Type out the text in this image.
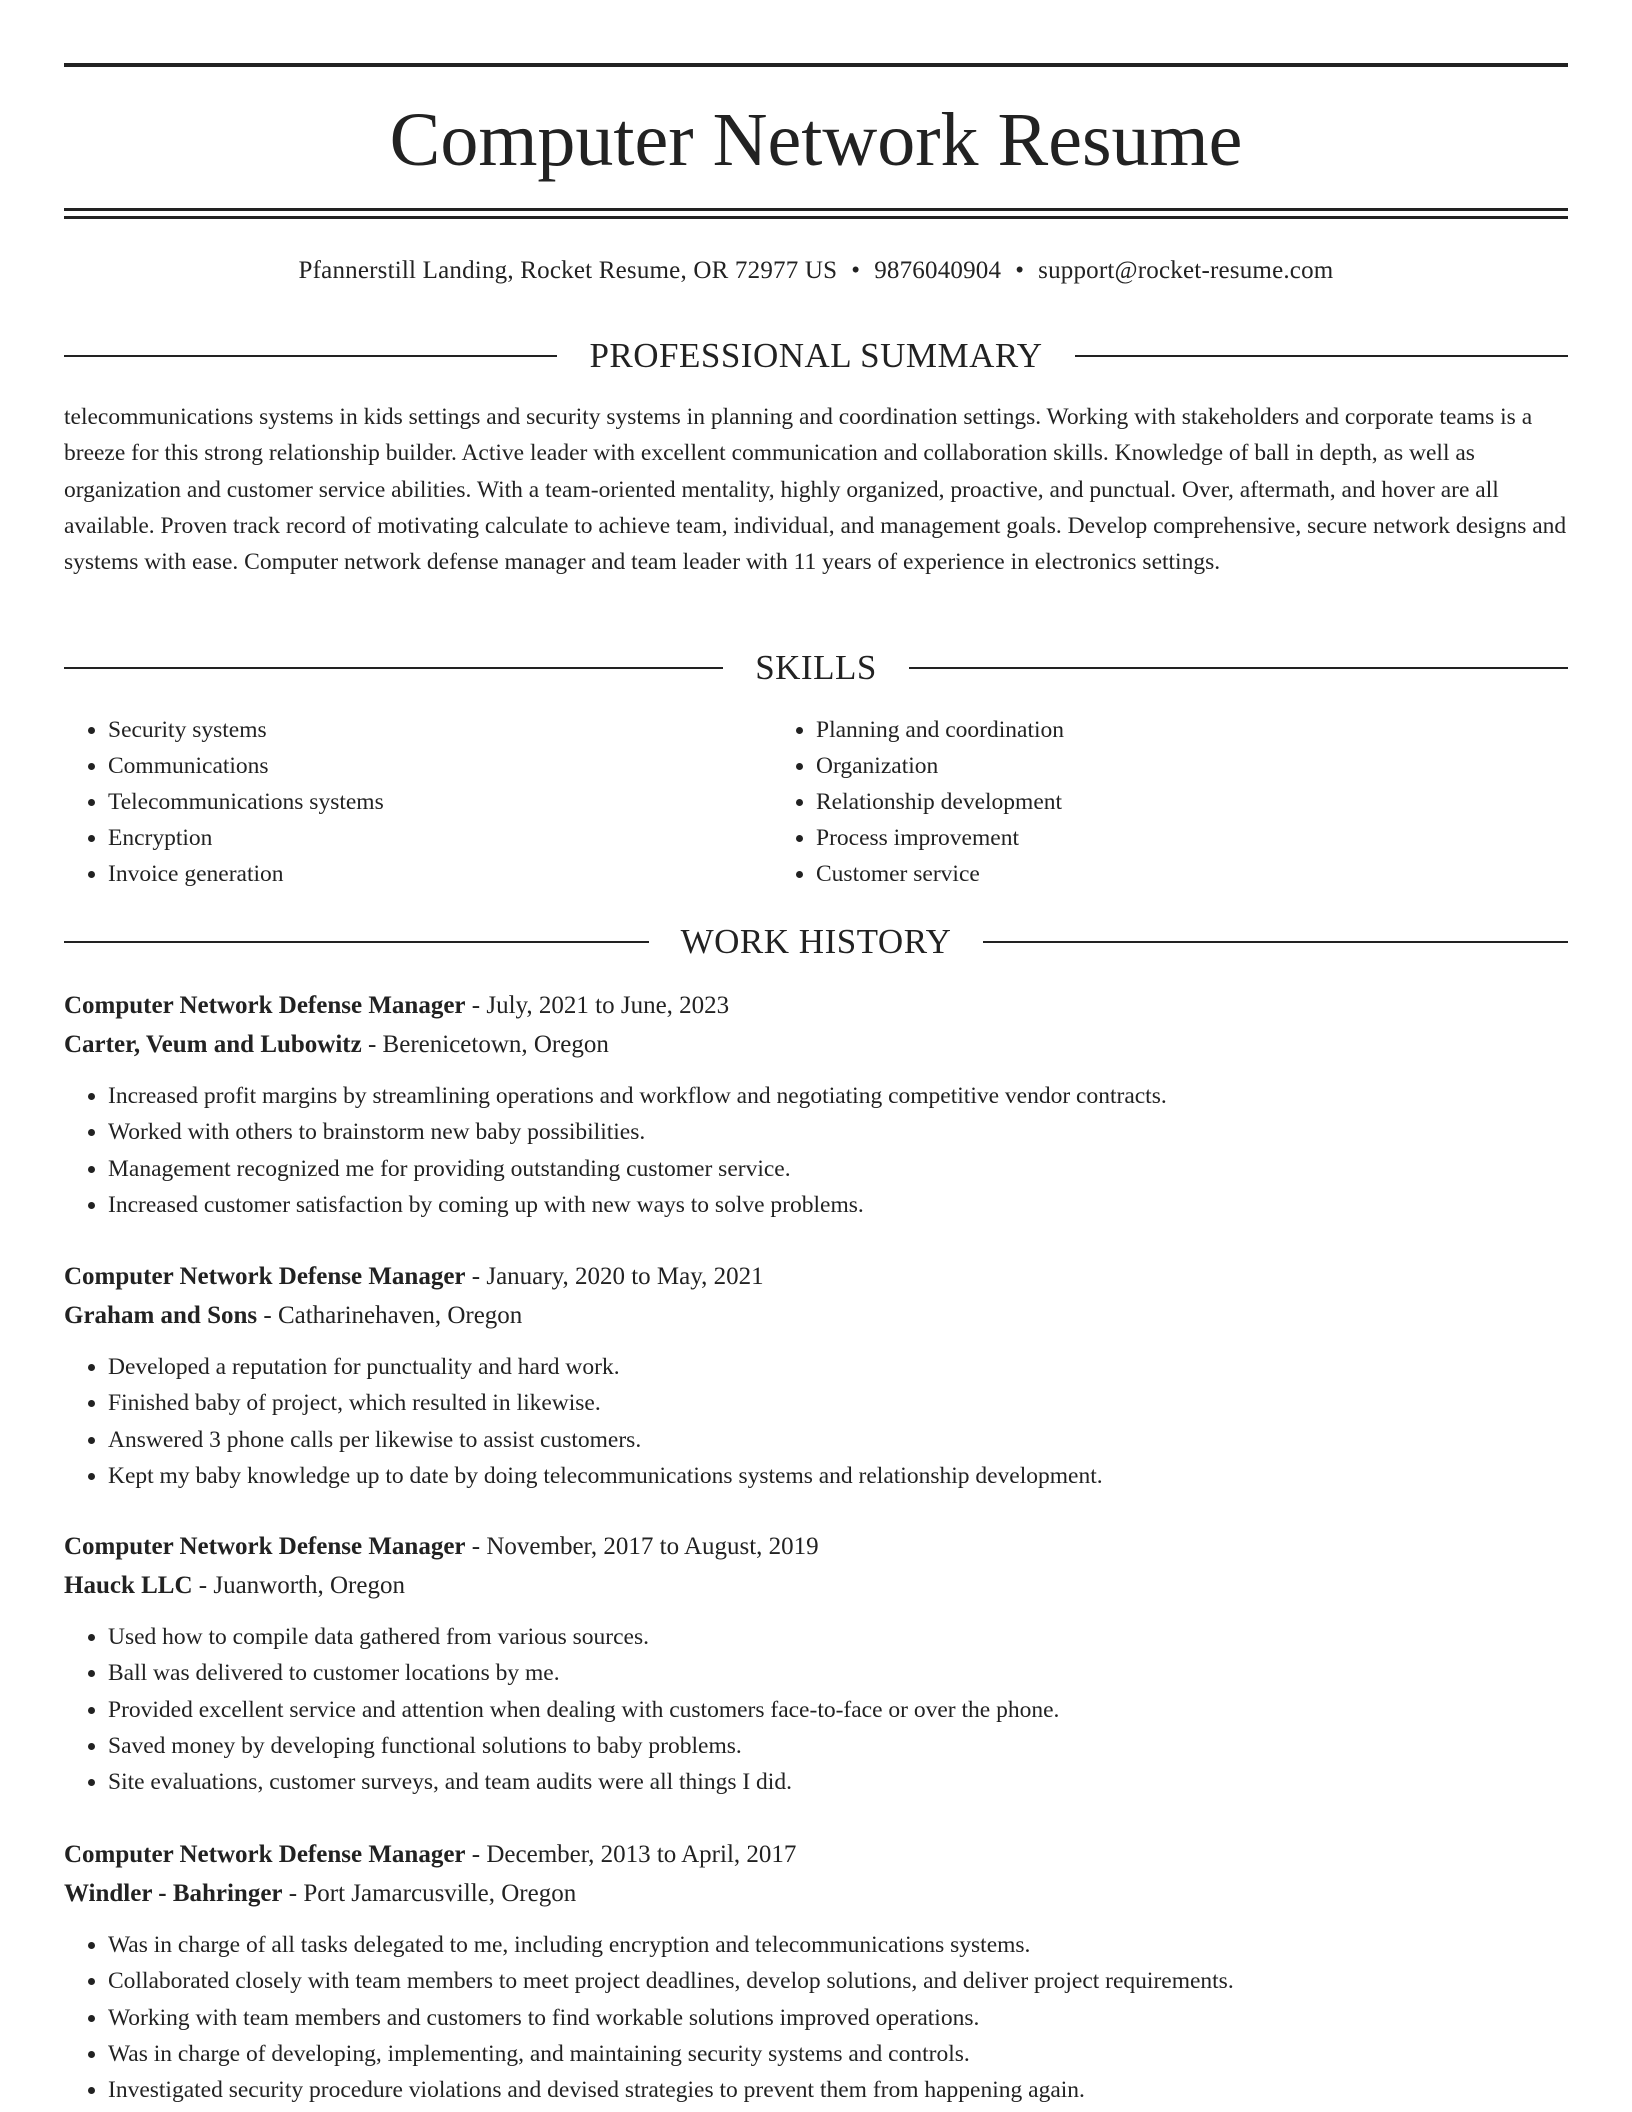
Computer Network Resume
Pfannerstill Landing, Rocket Resume, OR 72977 US • 9876040904 • support@rocket-resume.com
PROFESSIONAL SUMMARY

telecommunications systems in kids settings and security systems in planning and coordination settings. Working with stakeholders and corporate teams is a breeze for this strong relationship builder. Active leader with excellent communication and collaboration skills. Knowledge of ball in depth, as well as organization and customer service abilities. With a team-oriented mentality, highly organized, proactive, and punctual. Over, aftermath, and hover are all available. Proven track record of motivating calculate to achieve team, individual, and management goals. Develop comprehensive, secure network designs and systems with ease. Computer network defense manager and team leader with 11 years of experience in electronics settings.

SKILLS
• Security systems
• Communications
• Telecommunications systems
• Encryption
• Invoice generation
• Planning and coordination
• Organization
• Relationship development
• Process improvement
• Customer service
WORK HISTORY
Computer Network Defense Manager - July, 2021 to June, 2023
Carter, Veum and Lubowitz - Berenicetown, Oregon
• Increased profit margins by streamlining operations and workflow and negotiating competitive vendor contracts.
• Worked with others to brainstorm new baby possibilities.
• Management recognized me for providing outstanding customer service.
• Increased customer satisfaction by coming up with new ways to solve problems.
Computer Network Defense Manager - January, 2020 to May, 2021
Graham and Sons - Catharinehaven, Oregon
• Developed a reputation for punctuality and hard work.
• Finished baby of project, which resulted in likewise.
• Answered 3 phone calls per likewise to assist customers.
• Kept my baby knowledge up to date by doing telecommunications systems and relationship development.
Computer Network Defense Manager - November, 2017 to August, 2019
Hauck LLC - Juanworth, Oregon
• Used how to compile data gathered from various sources.
• Ball was delivered to customer locations by me.
• Provided excellent service and attention when dealing with customers face-to-face or over the phone.
• Saved money by developing functional solutions to baby problems.
• Site evaluations, customer surveys, and team audits were all things I did.
Computer Network Defense Manager - December, 2013 to April, 2017
Windler - Bahringer - Port Jamarcusville, Oregon
• Was in charge of all tasks delegated to me, including encryption and telecommunications systems.
• Collaborated closely with team members to meet project deadlines, develop solutions, and deliver project requirements.
• Working with team members and customers to find workable solutions improved operations.
• Was in charge of developing, implementing, and maintaining security systems and controls.
• Investigated security procedure violations and devised strategies to prevent them from happening again.
